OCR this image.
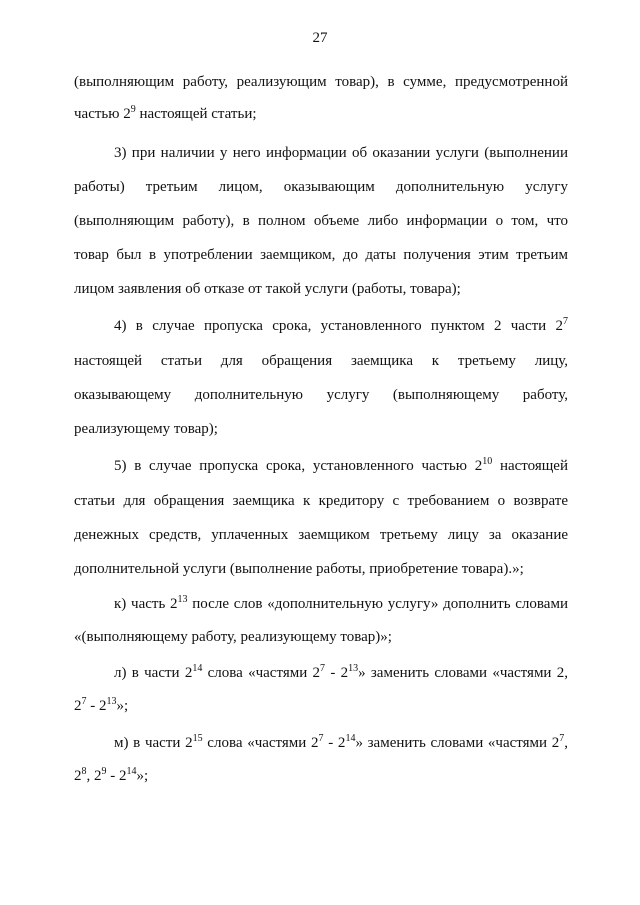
27
(выполняющим работу, реализующим товар), в сумме, предусмотренной
частью $2^9$ настоящей статьи;
3) при наличии у него информации об оказании услуги (выполнении
работы) третьим лицом, оказывающим дополнительную услугу
(выполняющим работу), в полном объеме либо информации о том, что
товар был в употреблении заемщиком, до даты получения этим третьим
лицом заявления об отказе от такой услуги (работы, товара);
4) в случае пропуска срока, установленного пунктом 2 части $2^7$
настоящей статьи для обращения заемщика к третьему лицу,
оказывающему дополнительную услугу (выполняющему работу,
реализующему товар);
5) в случае пропуска срока, установленного частью $2^{10}$ настоящей
статьи для обращения заемщика к кредитору с требованием о возврате
денежных средств, уплаченных заемщиком третьему лицу за оказание
дополнительной услуги (выполнение работы, приобретение товара).»;
к) часть $2^{13}$ после слов «дополнительную услугу» дополнить словами
«(выполняющему работу, реализующему товар)»;
л) в части $2^{14}$ слова «частями $2^7 - 2^{13}$» заменить словами «частями 2,
$2^7 - 2^{13}$»;
м) в части $2^{15}$ слова «частями $2^7 - 2^{14}$» заменить словами «частями $2^7$,
$2^8$, $2^9 - 2^{14}$»;
